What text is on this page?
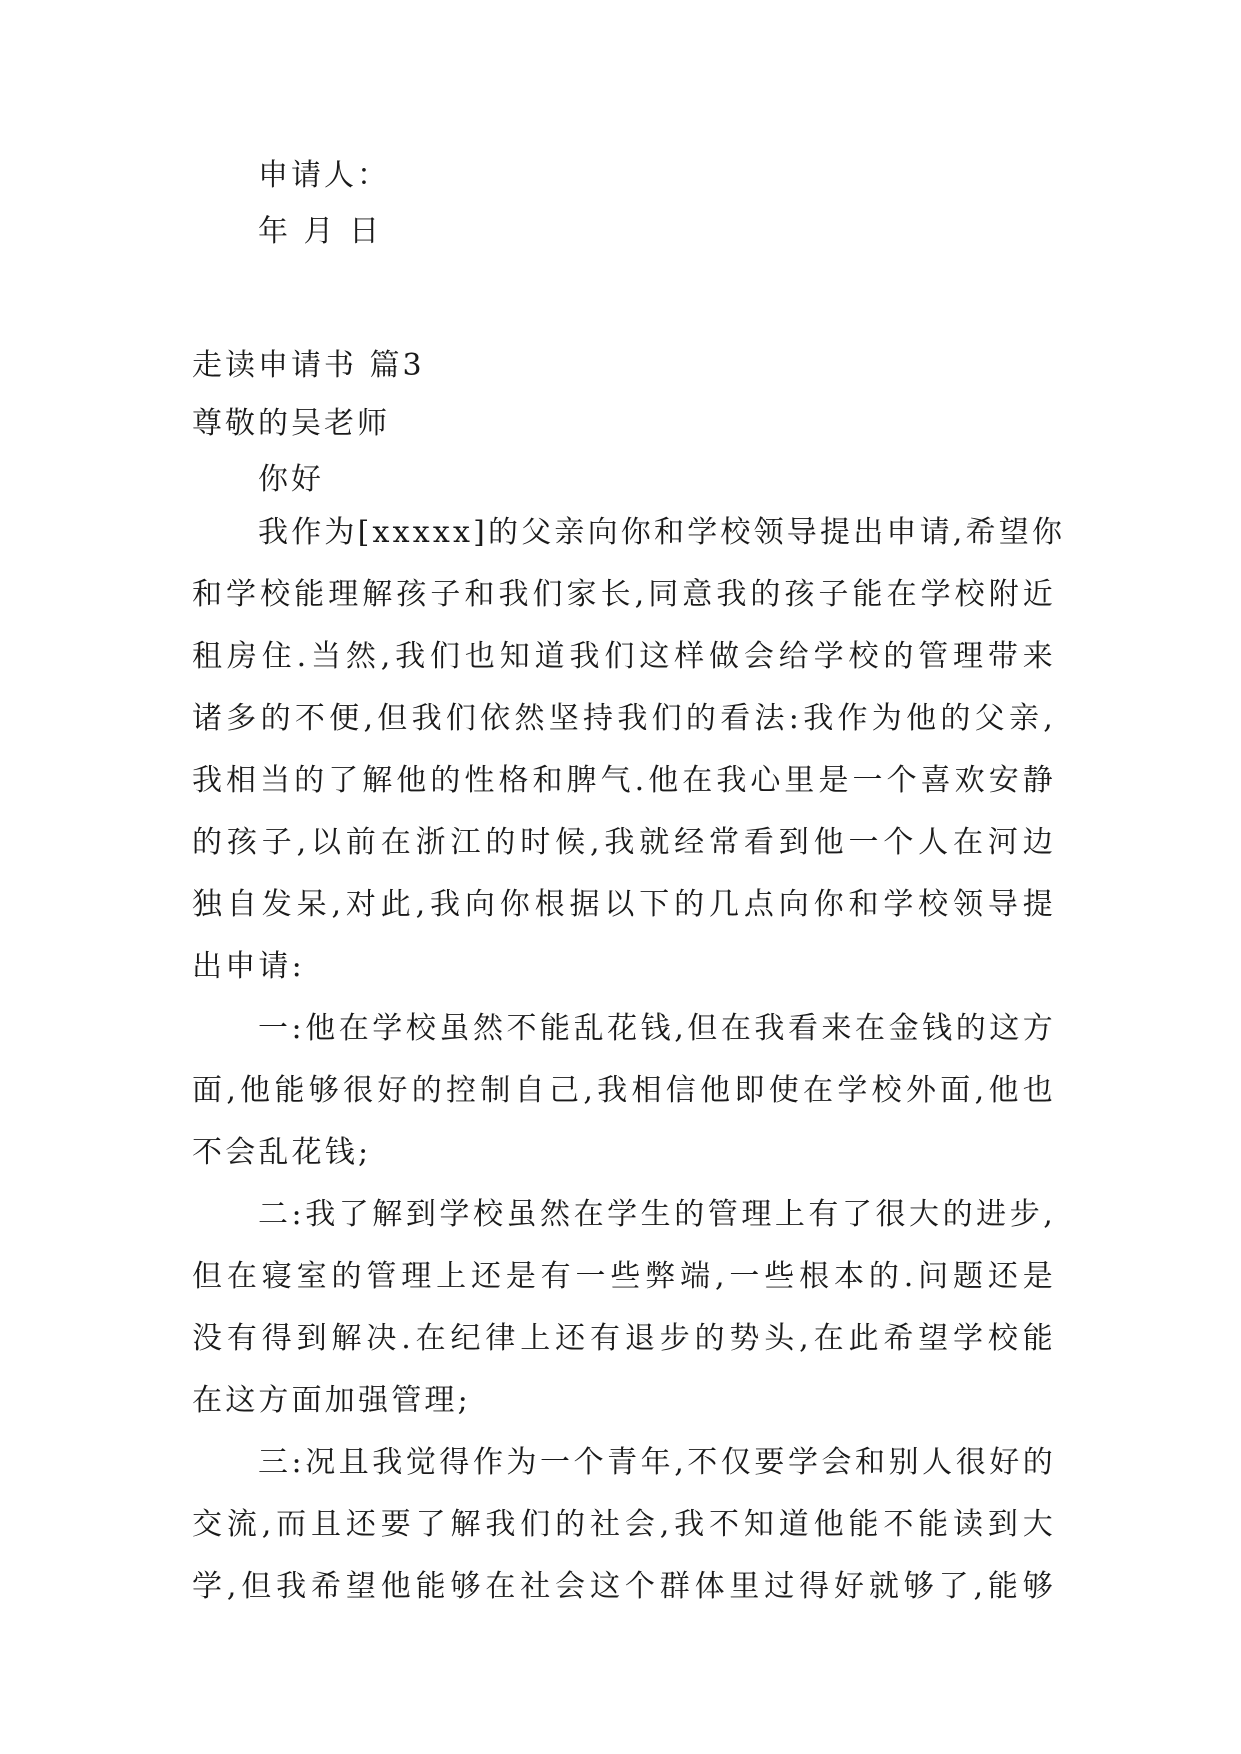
申请人：
年 月 日
走读申请书 篇3
尊敬的吴老师
你好
我作为[xxxxx]的父亲向你和学校领导提出申请,希望你
和学校能理解孩子和我们家长,同意我的孩子能在学校附近
租房住.当然,我们也知道我们这样做会给学校的管理带来
诸多的不便,但我们依然坚持我们的看法:我作为他的父亲,
我相当的了解他的性格和脾气.他在我心里是一个喜欢安静
的孩子,以前在浙江的时候,我就经常看到他一个人在河边
独自发呆,对此,我向你根据以下的几点向你和学校领导提
出申请:
一:他在学校虽然不能乱花钱,但在我看来在金钱的这方
面,他能够很好的控制自己,我相信他即使在学校外面,他也
不会乱花钱;
二:我了解到学校虽然在学生的管理上有了很大的进步,
但在寝室的管理上还是有一些弊端,一些根本的.问题还是
没有得到解决.在纪律上还有退步的势头,在此希望学校能
在这方面加强管理;
三:况且我觉得作为一个青年,不仅要学会和别人很好的
交流,而且还要了解我们的社会,我不知道他能不能读到大
学,但我希望他能够在社会这个群体里过得好就够了,能够
